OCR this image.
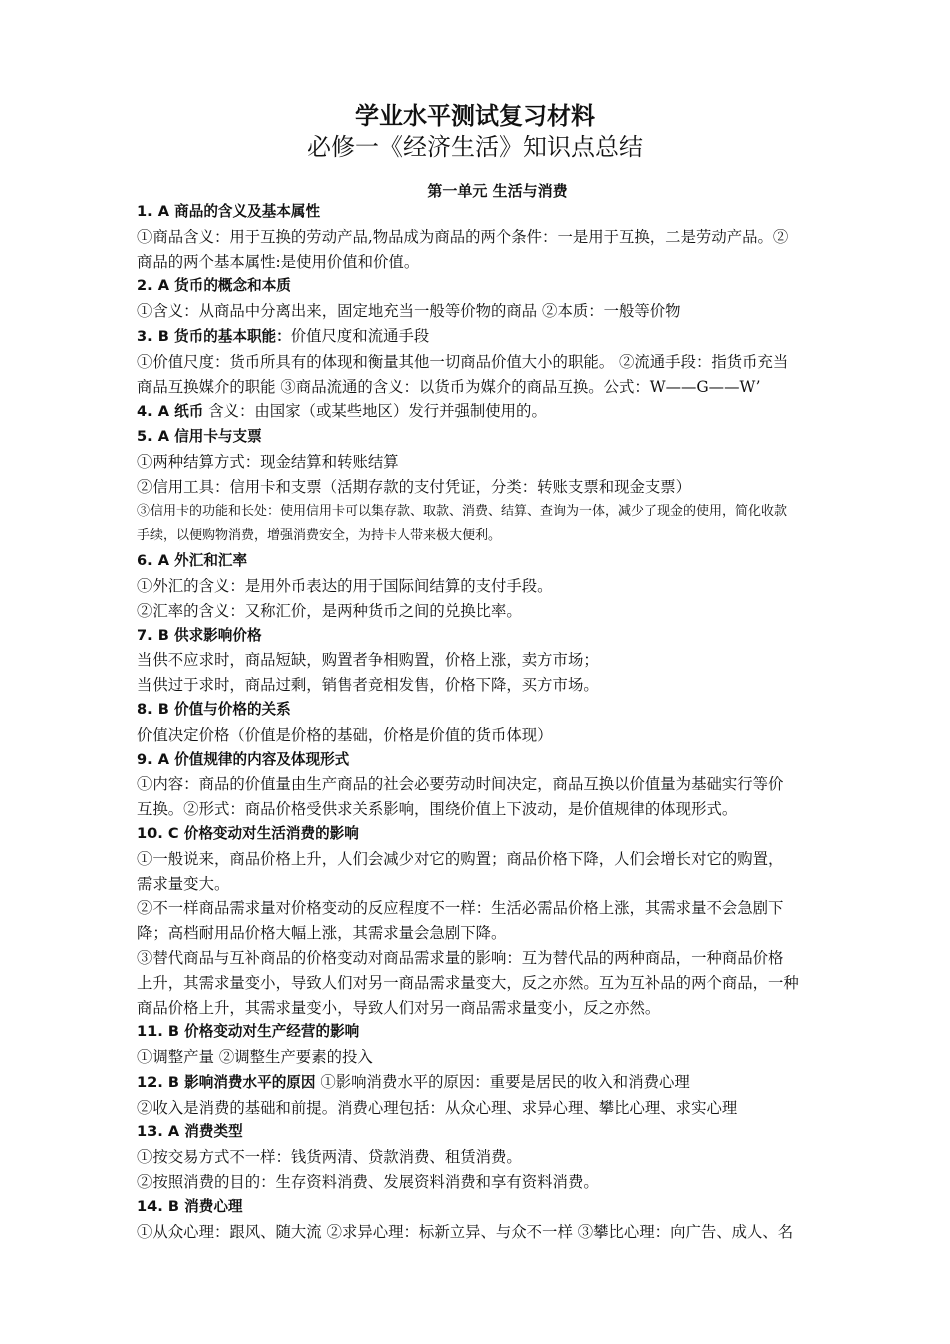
学业水平测试复习材料
必修一《经济生活》知识点总结
第一单元 生活与消费
1. A 商品的含义及基本属性
①商品含义：用于互换的劳动产品,物品成为商品的两个条件：一是用于互换，二是劳动产品。②
商品的两个基本属性:是使用价值和价值。
2. A 货币的概念和本质
①含义：从商品中分离出来，固定地充当一般等价物的商品 ②本质：一般等价物
3. B 货币的基本职能：价值尺度和流通手段
①价值尺度：货币所具有的体现和衡量其他一切商品价值大小的职能。 ②流通手段：指货币充当
商品互换媒介的职能 ③商品流通的含义：以货币为媒介的商品互换。公式：W——G——W’
4. A 纸币 含义：由国家（或某些地区）发行并强制使用的。
5. A 信用卡与支票
①两种结算方式：现金结算和转账结算
②信用工具：信用卡和支票（活期存款的支付凭证，分类：转账支票和现金支票）
③信用卡的功能和长处：使用信用卡可以集存款、取款、消费、结算、查询为一体，减少了现金的使用，简化收款
手续，以便购物消费，增强消费安全，为持卡人带来极大便利。
6. A 外汇和汇率
①外汇的含义：是用外币表达的用于国际间结算的支付手段。
②汇率的含义：又称汇价，是两种货币之间的兑换比率。
7. B 供求影响价格
当供不应求时，商品短缺，购置者争相购置，价格上涨，卖方市场；
当供过于求时，商品过剩，销售者竞相发售，价格下降，买方市场。
8. B 价值与价格的关系
价值决定价格（价值是价格的基础，价格是价值的货币体现）
9. A 价值规律的内容及体现形式
①内容：商品的价值量由生产商品的社会必要劳动时间决定，商品互换以价值量为基础实行等价
互换。②形式：商品价格受供求关系影响，围绕价值上下波动，是价值规律的体现形式。
10. C 价格变动对生活消费的影响
①一般说来，商品价格上升，人们会减少对它的购置；商品价格下降，人们会增长对它的购置，
需求量变大。
②不一样商品需求量对价格变动的反应程度不一样：生活必需品价格上涨，其需求量不会急剧下
降；高档耐用品价格大幅上涨，其需求量会急剧下降。
③替代商品与互补商品的价格变动对商品需求量的影响：互为替代品的两种商品，一种商品价格
上升，其需求量变小，导致人们对另一商品需求量变大，反之亦然。互为互补品的两个商品，一种
商品价格上升，其需求量变小，导致人们对另一商品需求量变小，反之亦然。
11. B 价格变动对生产经营的影响
①调整产量 ②调整生产要素的投入
12. B 影响消费水平的原因 ①影响消费水平的原因：重要是居民的收入和消费心理
②收入是消费的基础和前提。消费心理包括：从众心理、求异心理、攀比心理、求实心理
13. A 消费类型
①按交易方式不一样：钱货两清、贷款消费、租赁消费。
②按照消费的目的：生存资料消费、发展资料消费和享有资料消费。
14. B 消费心理
①从众心理：跟风、随大流 ②求异心理：标新立异、与众不一样 ③攀比心理：向广告、成人、名
